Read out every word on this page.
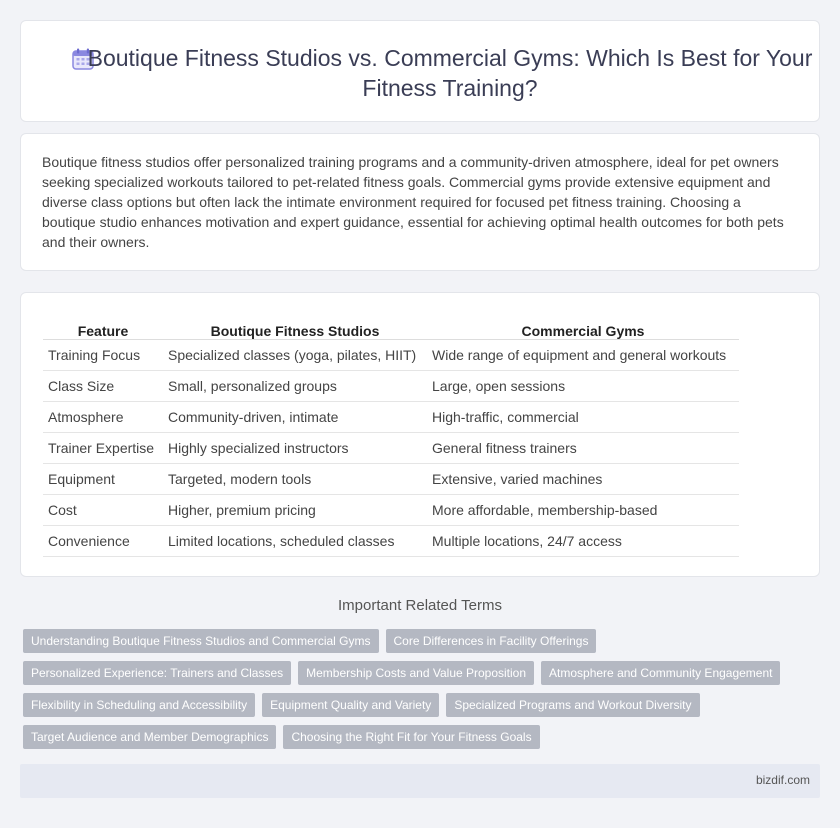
Boutique Fitness Studios vs. Commercial Gyms: Which Is Best for Your Fitness Training?

Boutique fitness studios offer personalized training programs and a community-driven atmosphere, ideal for pet owners seeking specialized workouts tailored to pet-related fitness goals. Commercial gyms provide extensive equipment and diverse class options but often lack the intimate environment required for focused pet fitness training. Choosing a boutique studio enhances motivation and expert guidance, essential for achieving optimal health outcomes for both pets and their owners.

Feature	Boutique Fitness Studios	Commercial Gyms
Training Focus	Specialized classes (yoga, pilates, HIIT)	Wide range of equipment and general workouts
Class Size	Small, personalized groups	Large, open sessions
Atmosphere	Community-driven, intimate	High-traffic, commercial
Trainer Expertise	Highly specialized instructors	General fitness trainers
Equipment	Targeted, modern tools	Extensive, varied machines
Cost	Higher, premium pricing	More affordable, membership-based
Convenience	Limited locations, scheduled classes	Multiple locations, 24/7 access
Important Related Terms
Understanding Boutique Fitness Studios and Commercial Gyms	Core Differences in Facility Offerings
Personalized Experience: Trainers and Classes	Membership Costs and Value Proposition	Atmosphere and Community Engagement
Flexibility in Scheduling and Accessibility	Equipment Quality and Variety	Specialized Programs and Workout Diversity
Target Audience and Member Demographics	Choosing the Right Fit for Your Fitness Goals
bizdif.com
